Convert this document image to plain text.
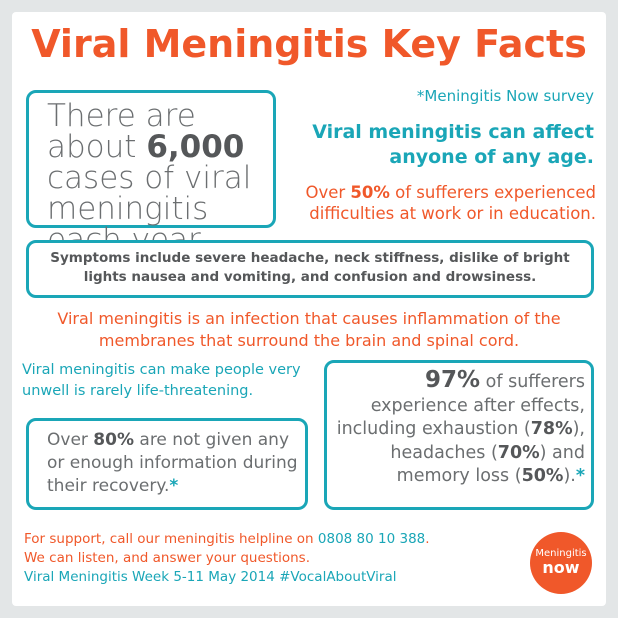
Viral Meningitis Key Facts
There are about 6,000 cases of viral meningitis
*Meningitis Now survey
Viral meningitis can affect anyone of any age.
Over 50% of sufferers experienced difficulties at work or in education.
Symptoms include severe headache, neck stiffness, dislike of bright lights nausea and vomiting, and confusion and drowsiness.
Viral meningitis is an infection that causes inflammation of the membranes that surround the brain and spinal cord.
Viral meningitis can make people very unwell is rarely life-threatening.	97% of sufferers experience after effects, including exhaustion (78%), headaches (70%) and memory loss (50%).*
Over 80% are not given any or enough information during their recovery.*
For support, call our meningitis helpline on 0808 80 10 388.
We can listen, and answer your questions.
Viral Meningitis Week 5-11 May 2014 #VocalAboutViral
Meningitis
now
